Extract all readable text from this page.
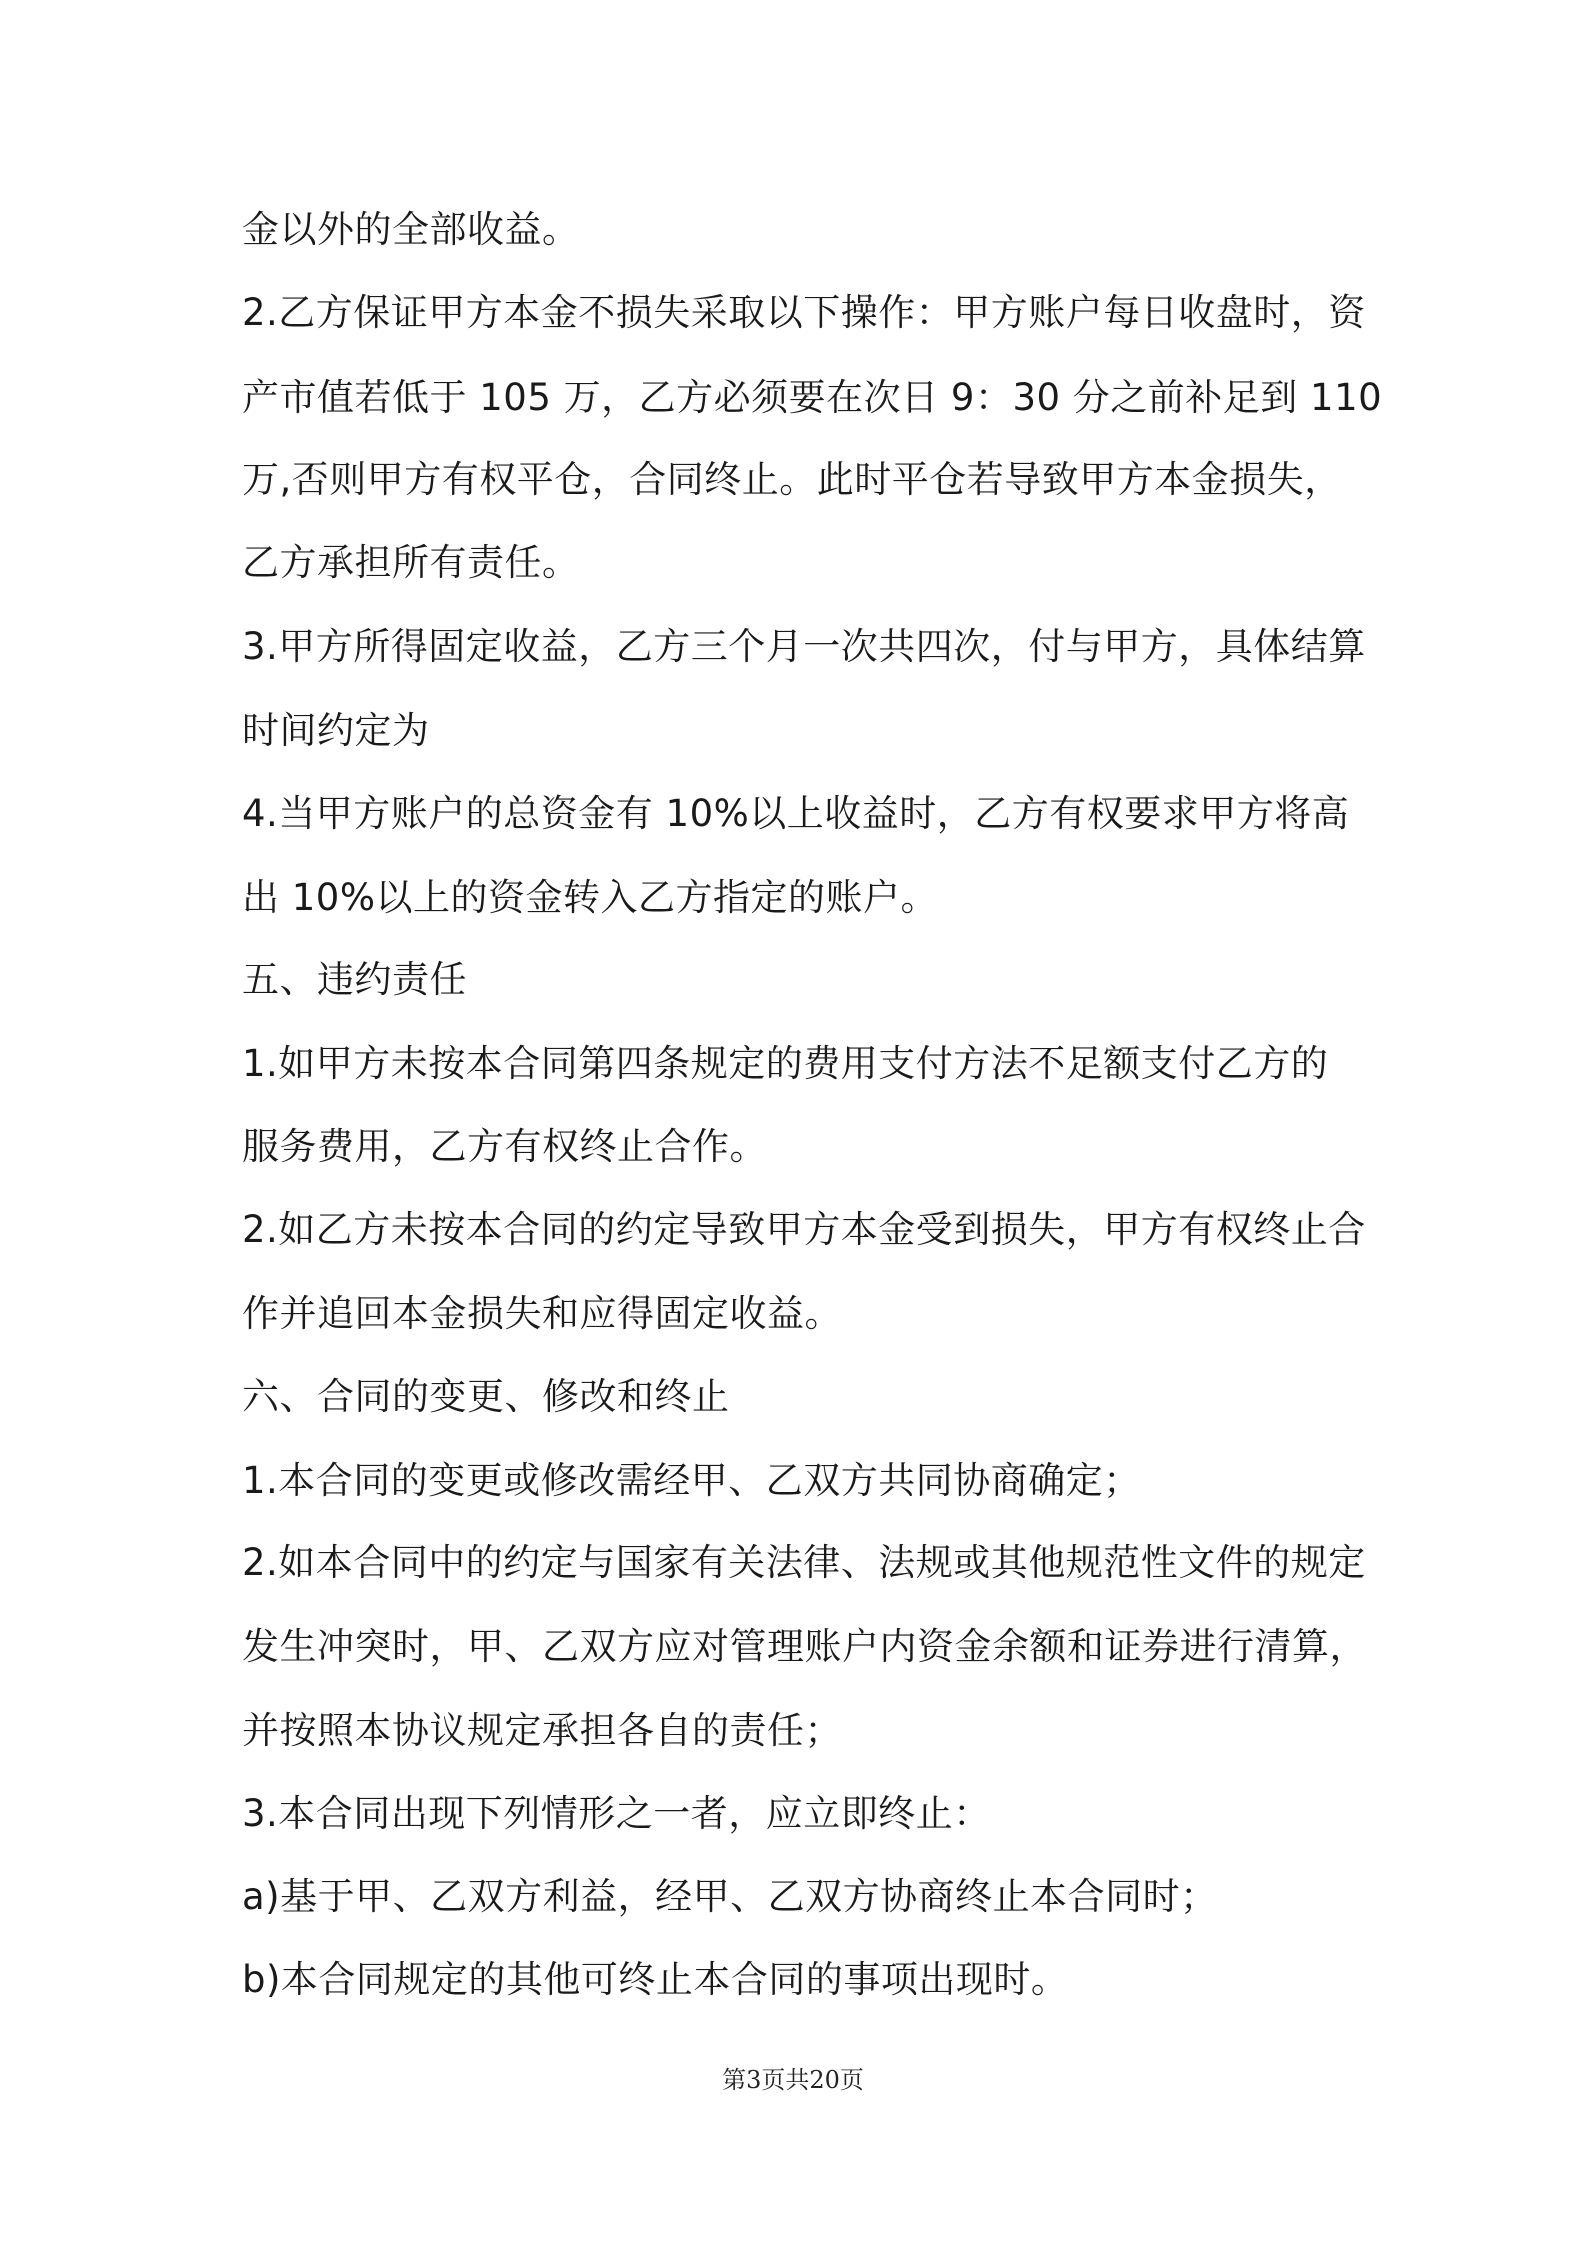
金以外的全部收益。
2.乙方保证甲方本金不损失采取以下操作：甲方账户每日收盘时，资
产市值若低于 105 万，乙方必须要在次日 9：30 分之前补足到 110
万,否则甲方有权平仓，合同终止。此时平仓若导致甲方本金损失，
乙方承担所有责任。
3.甲方所得固定收益，乙方三个月一次共四次，付与甲方，具体结算
时间约定为
4.当甲方账户的总资金有 10%以上收益时，乙方有权要求甲方将高
出 10%以上的资金转入乙方指定的账户。
五、违约责任
1.如甲方未按本合同第四条规定的费用支付方法不足额支付乙方的
服务费用，乙方有权终止合作。
2.如乙方未按本合同的约定导致甲方本金受到损失，甲方有权终止合
作并追回本金损失和应得固定收益。
六、合同的变更、修改和终止
1.本合同的变更或修改需经甲、乙双方共同协商确定；
2.如本合同中的约定与国家有关法律、法规或其他规范性文件的规定
发生冲突时，甲、乙双方应对管理账户内资金余额和证券进行清算，
并按照本协议规定承担各自的责任；
3.本合同出现下列情形之一者，应立即终止：
a)基于甲、乙双方利益，经甲、乙双方协商终止本合同时；
b)本合同规定的其他可终止本合同的事项出现时。
第3页共20页
